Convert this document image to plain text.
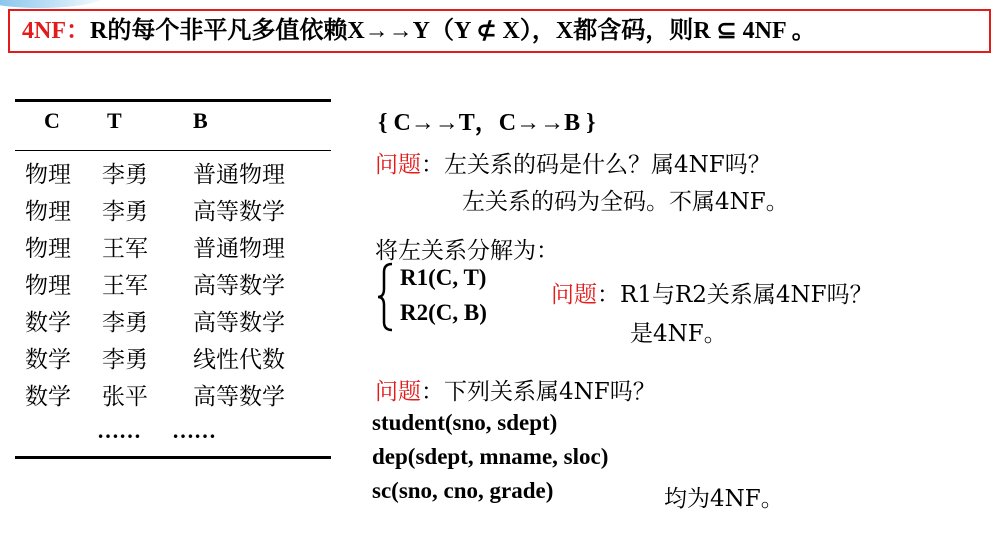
4NF：R的每个非平凡多值依赖X→→Y（Y ⊄ X），X都含码，则R ⊆ 4NF 。
C T	B
物理 李勇 普通物理
物理 李勇 高等数学
物理 王军 普通物理
物理 王军 高等数学
数学 李勇 高等数学
数学 李勇 线性代数
数学 张平 高等数学
…… ……
{ C→→T，C→→B }
问题：左关系的码是什么？属4NF吗？
左关系的码为全码。不属4NF。
将左关系分解为：
R1(C, T)
R2(C, B)
问题：R1与R2关系属4NF吗？
是4NF。
问题：下列关系属4NF吗？
student(sno, sdept)
dep(sdept, mname, sloc)
sc(sno, cno, grade)	均为4NF。
